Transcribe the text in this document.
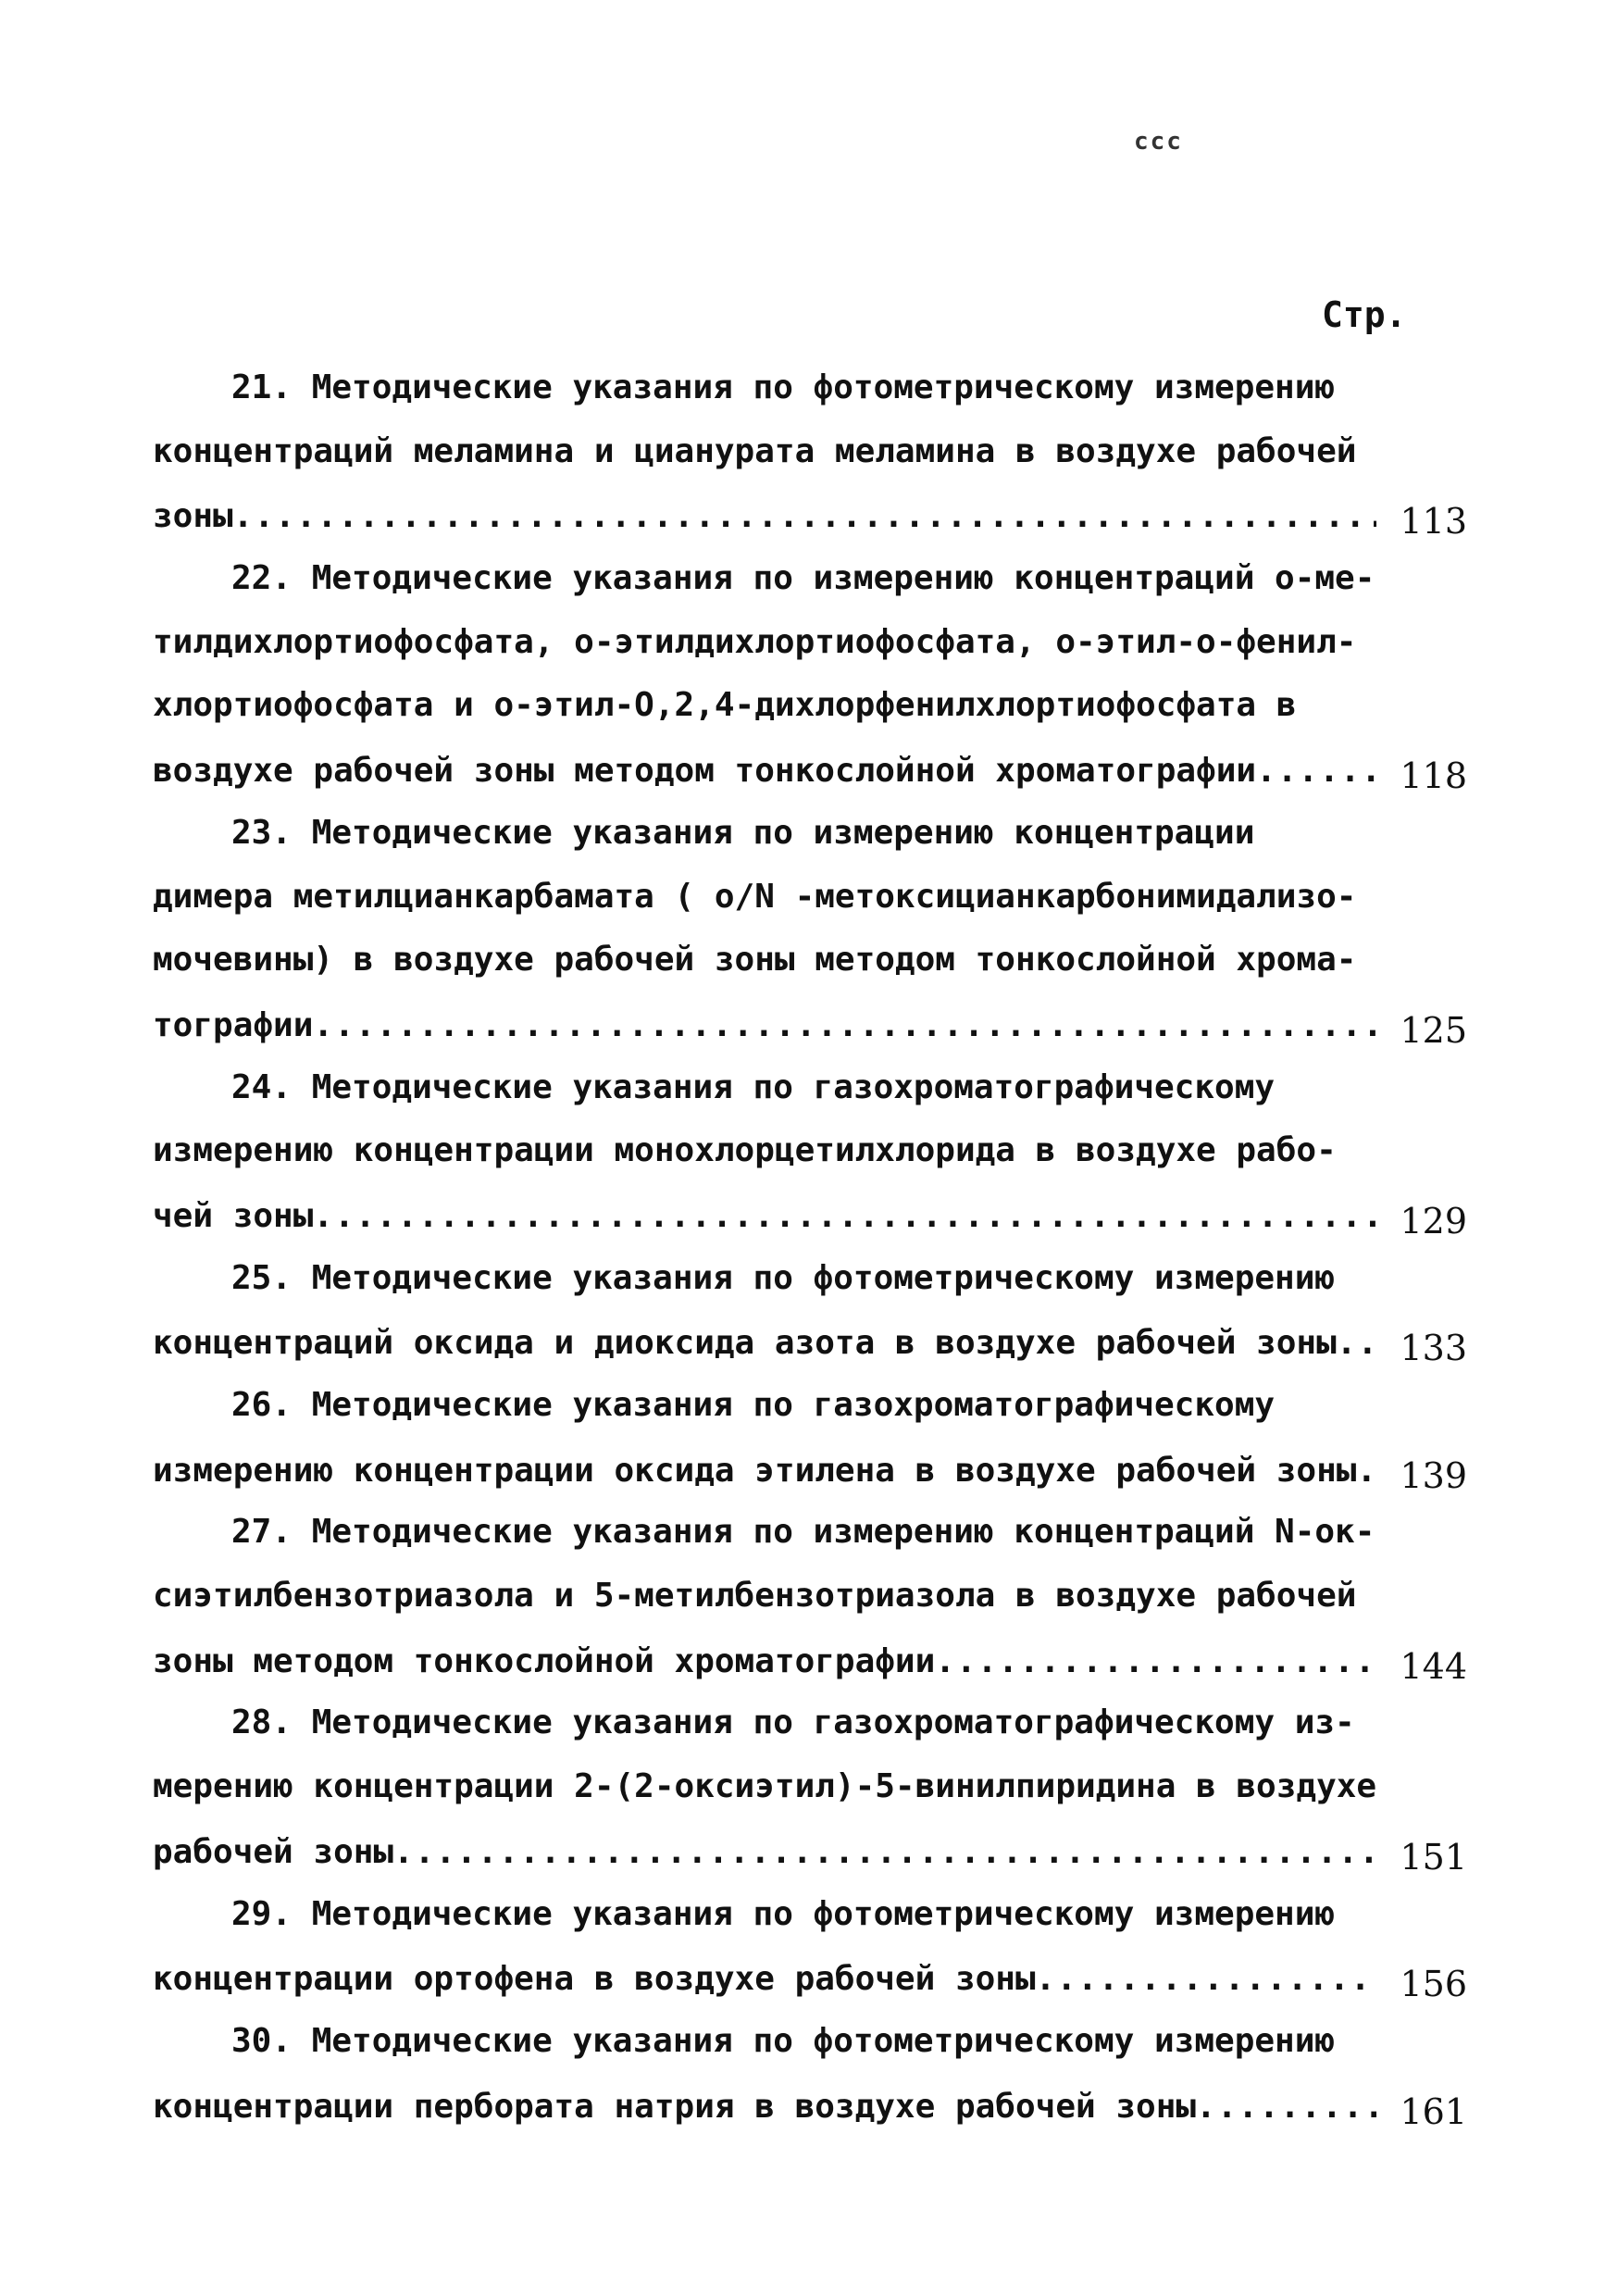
ccc
Стр.
21. Методические указания по фотометрическому измерению
концентраций меламина и цианурата меламина в воздухе рабочей
зоны .....	113
22. Методические указания по измерению концентраций о-ме-
тилдихлортиофосфата, о-этилдихлортиофосфата, о-этил-о-фенил-
хлортиофосфата и о-этил-О,2,4-дихлорфенилхлортиофосфата в
воздухе рабочей зоны методом тонкослойной хроматографии .....	118
23. Методические указания по измерению концентрации
димера метилцианкарбамата ( о/N -метоксицианкарбонимидализо-
мочевины) в воздухе рабочей зоны методом тонкослойной хрома-
тографии .....	125
24. Методические указания по газохроматографическому
измерению концентрации монохлорцетилхлорида в воздухе рабо-
чей зоны .....	129
25. Методические указания по фотометрическому измерению
концентраций оксида и диоксида азота в воздухе рабочей зоны .....	133
26. Методические указания по газохроматографическому
измерению концентрации оксида этилена в воздухе рабочей зоны .....	139
27. Методические указания по измерению концентраций N-ок-
сиэтилбензотриазола и 5-метилбензотриазола в воздухе рабочей
зоны методом тонкослойной хроматографии .....	144
28. Методические указания по газохроматографическому из-
мерению концентрации 2-(2-оксиэтил)-5-винилпиридина в воздухе
рабочей зоны .....	151
29. Методические указания по фотометрическому измерению
концентрации ортофена в воздухе рабочей зоны .....	156
30. Методические указания по фотометрическому измерению
концентрации пербората натрия в воздухе рабочей зоны .....	161
